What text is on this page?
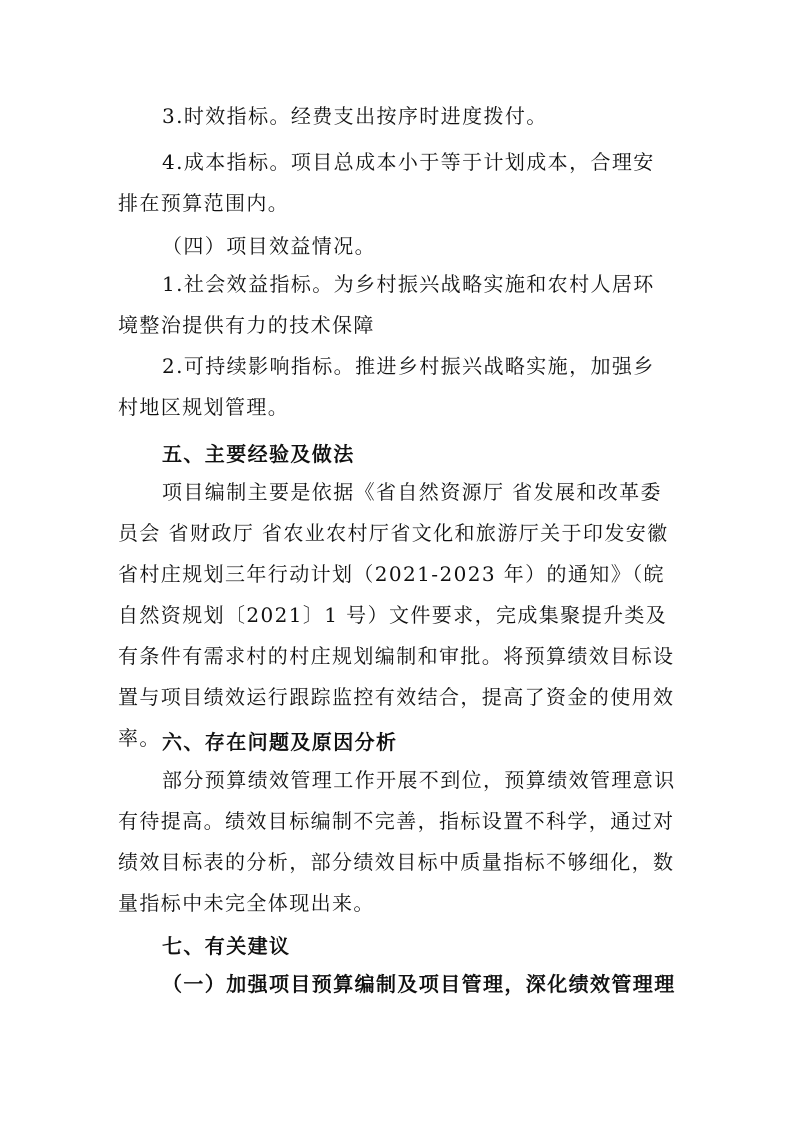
3.时效指标。经费支出按序时进度拨付。
4.成本指标。项目总成本小于等于计划成本，合理安排在预算范围内。
（四）项目效益情况。
1.社会效益指标。为乡村振兴战略实施和农村人居环境整治提供有力的技术保障
2.可持续影响指标。推进乡村振兴战略实施，加强乡村地区规划管理。
五、主要经验及做法
项目编制主要是依据《省自然资源厅 省发展和改革委员会 省财政厅 省农业农村厅省文化和旅游厅关于印发安徽省村庄规划三年行动计划（2021-2023 年）的通知》（皖自然资规划〔2021〕1 号）文件要求，完成集聚提升类及有条件有需求村的村庄规划编制和审批。将预算绩效目标设置与项目绩效运行跟踪监控有效结合，提高了资金的使用效率。 六、存在问题及原因分析
部分预算绩效管理工作开展不到位，预算绩效管理意识有待提高。绩效目标编制不完善，指标设置不科学，通过对绩效目标表的分析，部分绩效目标中质量指标不够细化，数量指标中未完全体现出来。
七、有关建议
（一）加强项目预算编制及项目管理，深化绩效管理理
